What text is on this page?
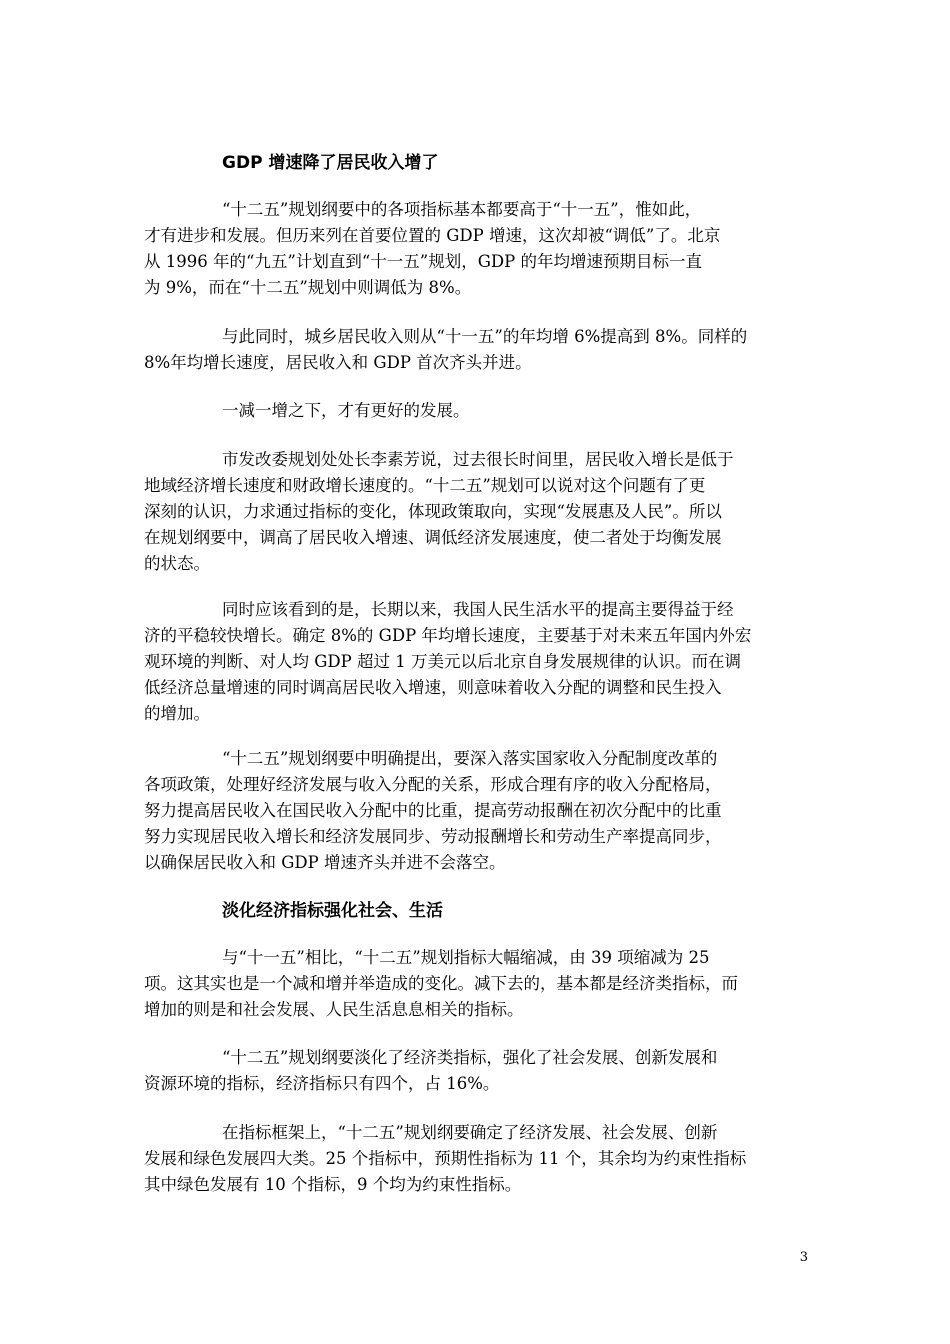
GDP 增速降了居民收入增了
“十二五”规划纲要中的各项指标基本都要高于“十一五”，惟如此，
才有进步和发展。但历来列在首要位置的 GDP 增速，这次却被“调低”了。北京
从 1996 年的“九五”计划直到“十一五”规划，GDP 的年均增速预期目标一直
为 9%，而在“十二五”规划中则调低为 8%。
与此同时，城乡居民收入则从“十一五”的年均增 6%提高到 8%。同样的
8%年均增长速度，居民收入和 GDP 首次齐头并进。
一减一增之下，才有更好的发展。
市发改委规划处处长李素芳说，过去很长时间里，居民收入增长是低于
地域经济增长速度和财政增长速度的。“十二五”规划可以说对这个问题有了更
深刻的认识，力求通过指标的变化，体现政策取向，实现“发展惠及人民”。所以
在规划纲要中，调高了居民收入增速、调低经济发展速度，使二者处于均衡发展
的状态。
同时应该看到的是，长期以来，我国人民生活水平的提高主要得益于经
济的平稳较快增长。确定 8%的 GDP 年均增长速度，主要基于对未来五年国内外宏
观环境的判断、对人均 GDP 超过 1 万美元以后北京自身发展规律的认识。而在调
低经济总量增速的同时调高居民收入增速，则意味着收入分配的调整和民生投入
的增加。
“十二五”规划纲要中明确提出，要深入落实国家收入分配制度改革的
各项政策，处理好经济发展与收入分配的关系，形成合理有序的收入分配格局，
努力提高居民收入在国民收入分配中的比重，提高劳动报酬在初次分配中的比重
努力实现居民收入增长和经济发展同步、劳动报酬增长和劳动生产率提高同步，
以确保居民收入和 GDP 增速齐头并进不会落空。
淡化经济指标强化社会、生活
与“十一五”相比，“十二五”规划指标大幅缩减，由 39 项缩减为 25
项。这其实也是一个减和增并举造成的变化。减下去的，基本都是经济类指标，而
增加的则是和社会发展、人民生活息息相关的指标。
“十二五”规划纲要淡化了经济类指标，强化了社会发展、创新发展和
资源环境的指标，经济指标只有四个，占 16%。
在指标框架上，“十二五”规划纲要确定了经济发展、社会发展、创新
发展和绿色发展四大类。25 个指标中，预期性指标为 11 个，其余均为约束性指标
其中绿色发展有 10 个指标，9 个均为约束性指标。
3
